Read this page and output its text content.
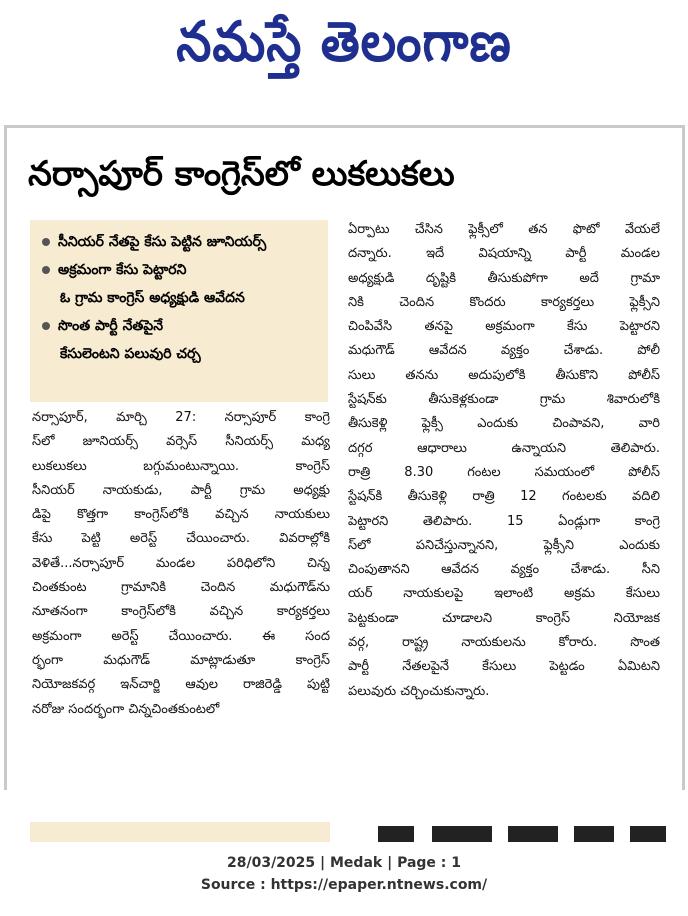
నమస్తే తెలంగాణ
నర్సాపూర్ కాంగ్రెస్‌లో లుకలుకలు
సీనియర్ నేతపై కేసు పెట్టిన జూనియర్స్
అక్రమంగా కేసు పెట్టారని
ఓ గ్రామ కాంగ్రెస్ అధ్యక్షుడి ఆవేదన
సొంత పార్టీ నేతపైనే
కేసులెంటని పలువురి చర్చ
నర్సాపూర్, మార్చి 27: నర్సాపూర్ కాంగ్రె
స్‌లో జూనియర్స్ వర్సెస్ సీనియర్స్ మధ్య
లుకలుకలు బగ్గుమంటున్నాయి. కాంగ్రెస్
సీనియర్ నాయకుడు, పార్టీ గ్రామ అధ్యక్షు
డిపై కొత్తగా కాంగ్రెస్‌లోకి వచ్చిన నాయకులు
కేసు పెట్టి అరెస్ట్ చేయించారు. వివరాల్లోకి
వెళితే...నర్సాపూర్ మండల పరిధిలోని చిన్న
చింతకుంట గ్రామానికి చెందిన మధుగౌడ్‌ను
నూతనంగా కాంగ్రెస్‌లోకి వచ్చిన కార్యకర్తలు
అక్రమంగా అరెస్ట్ చేయించారు. ఈ సంద
ర్భంగా మధుగౌడ్ మాట్లాడుతూ కాంగ్రెస్
నియోజకవర్గ ఇన్‌చార్జి ఆవుల రాజిరెడ్డి పుట్టి
నరోజు సందర్భంగా చిన్నచింతకుంటలో
ఏర్పాటు చేసిన ఫ్లెక్సీలో తన ఫొటో వేయలే
దన్నారు. ఇదే విషయాన్ని పార్టీ మండల
అధ్యక్షుడి దృష్టికి తీసుకుపోగా అదే గ్రామా
నికి చెందిన కొందరు కార్యకర్తలు ఫ్లెక్సీని
చింపివేసి తనపై అక్రమంగా కేసు పెట్టారని
మధుగౌడ్ ఆవేదన వ్యక్తం చేశాడు. పోలీ
సులు తనను అదుపులోకి తీసుకొని పోలీస్
స్టేషన్‌కు తీసుకెళ్లకుండా గ్రామ శివారులోకి
తీసుకెళ్లి ఫ్లెక్సీ ఎందుకు చింపావని, వారి
దగ్గర ఆధారాలు ఉన్నాయని తెలిపారు.
రాత్రి 8.30 గంటల సమయంలో పోలీస్
స్టేషన్‌కి తీసుకెళ్లి రాత్రి 12 గంటలకు వదిలి
పెట్టారని తెలిపారు. 15 ఏండ్లుగా కాంగ్రె
స్‌లో పనిచేస్తున్నానని, ఫ్లెక్సీని ఎందుకు
చింపుతానని ఆవేదన వ్యక్తం చేశాడు. సీని
యర్ నాయకులపై ఇలాంటి అక్రమ కేసులు
పెట్టకుండా చూడాలని కాంగ్రెస్ నియోజక
వర్గ, రాష్ట్ర నాయకులను కోరారు. సొంత
పార్టీ నేతలపైనే కేసులు పెట్టడం ఏమిటని
పలువురు చర్చించుకున్నారు.
28/03/2025 | Medak | Page : 1
Source : https://epaper.ntnews.com/
